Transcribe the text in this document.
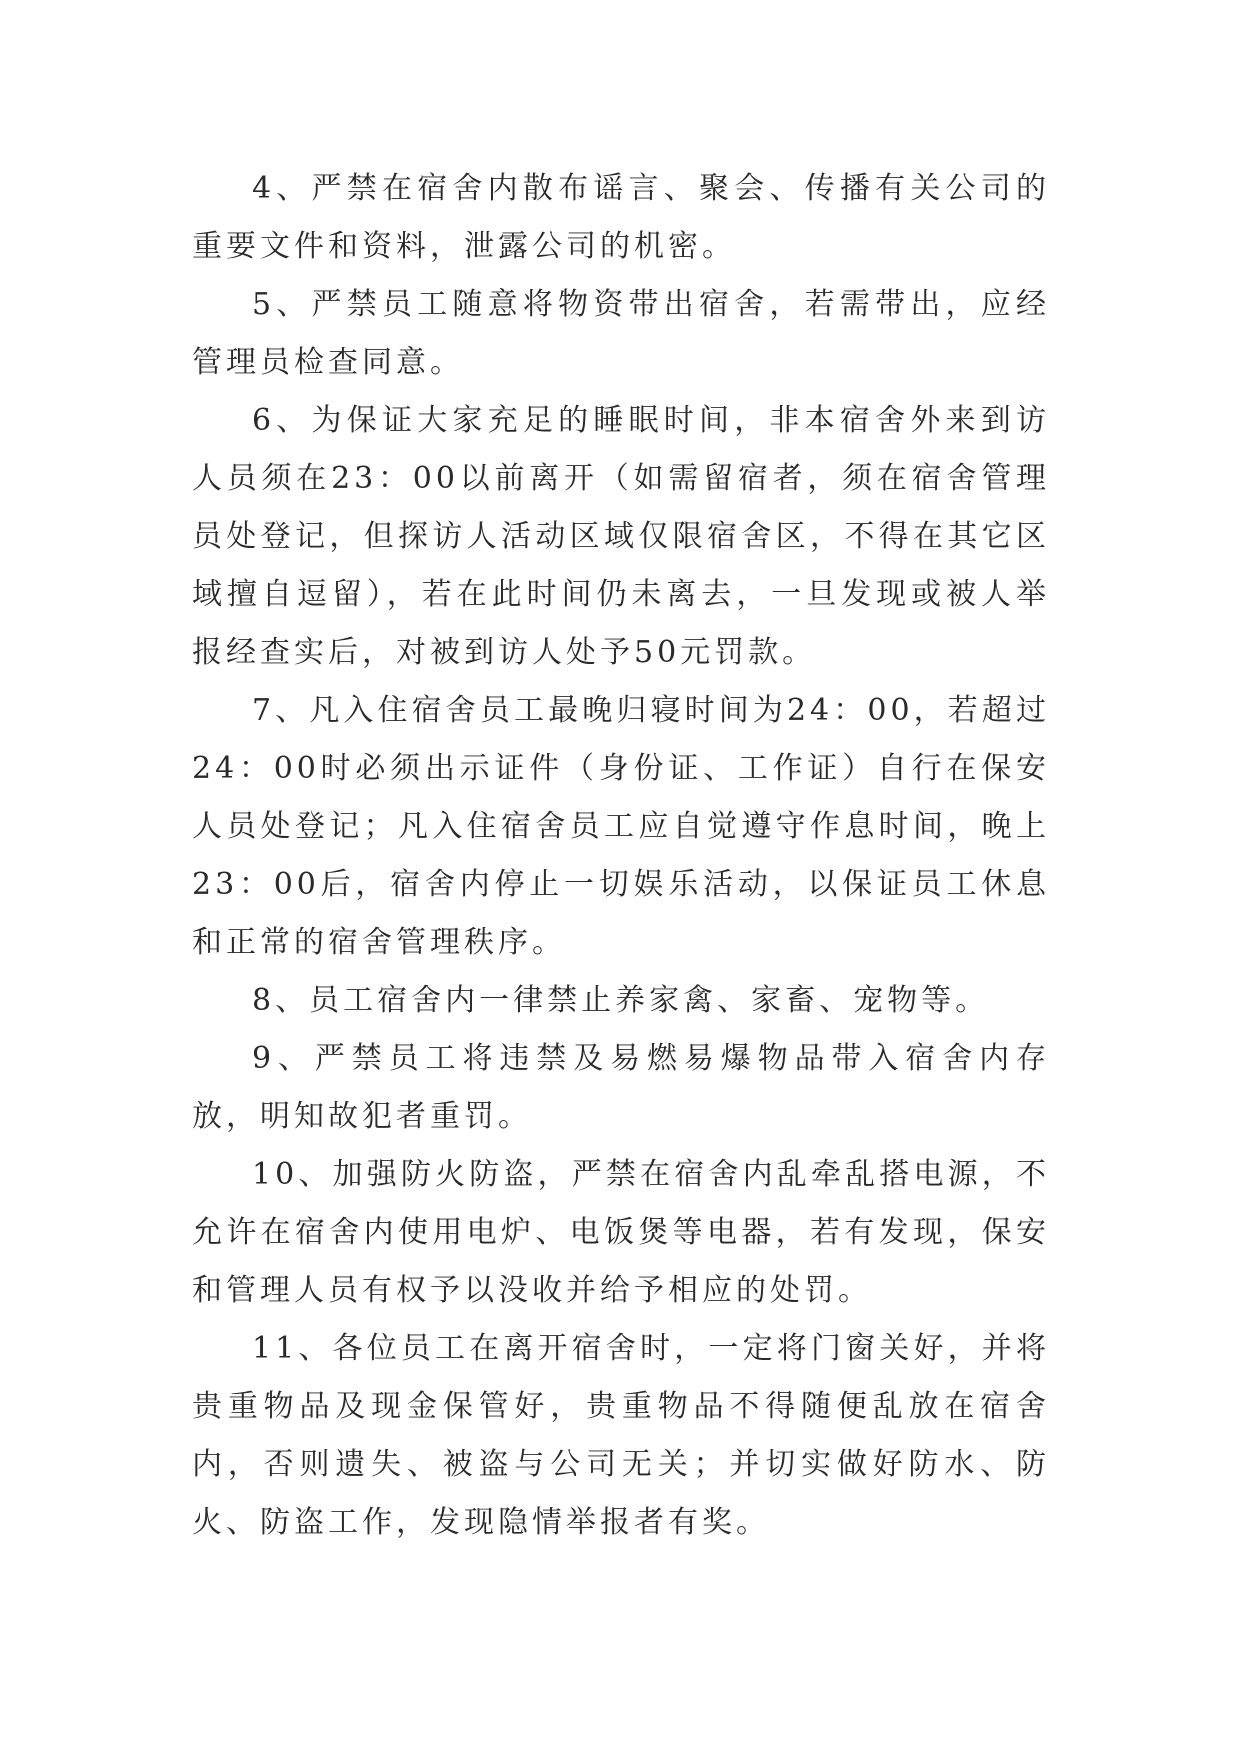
4、严禁在宿舍内散布谣言、聚会、传播有关公司的重要文件和资料，泄露公司的机密。

5、严禁员工随意将物资带出宿舍，若需带出，应经管理员检查同意。

6、为保证大家充足的睡眠时间，非本宿舍外来到访人员须在23：00以前离开（如需留宿者，须在宿舍管理员处登记，但探访人活动区域仅限宿舍区，不得在其它区域擅自逗留），若在此时间仍未离去，一旦发现或被人举报经查实后，对被到访人处予50元罚款。

7、凡入住宿舍员工最晚归寝时间为24：00，若超过24：00时必须出示证件（身份证、工作证）自行在保安人员处登记；凡入住宿舍员工应自觉遵守作息时间，晚上23：00后，宿舍内停止一切娱乐活动，以保证员工休息和正常的宿舍管理秩序。

8、员工宿舍内一律禁止养家禽、家畜、宠物等。

9、严禁员工将违禁及易燃易爆物品带入宿舍内存放，明知故犯者重罚。

10、加强防火防盗，严禁在宿舍内乱牵乱搭电源，不允许在宿舍内使用电炉、电饭煲等电器，若有发现，保安和管理人员有权予以没收并给予相应的处罚。

11、各位员工在离开宿舍时，一定将门窗关好，并将贵重物品及现金保管好，贵重物品不得随便乱放在宿舍内，否则遗失、被盗与公司无关；并切实做好防水、防火、防盗工作，发现隐情举报者有奖。
